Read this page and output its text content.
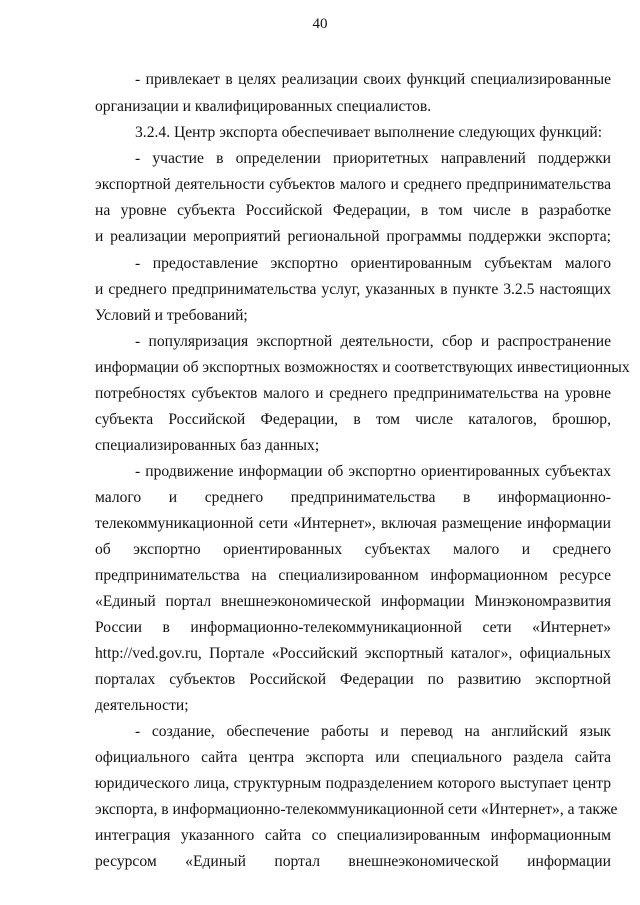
40
- привлекает в целях реализации своих функций специализированные
организации и квалифицированных специалистов.
3.2.4. Центр экспорта обеспечивает выполнение следующих функций:
- участие в определении приоритетных направлений поддержки
экспортной деятельности субъектов малого и среднего предпринимательства
на уровне субъекта Российской Федерации, в том числе в разработке
и реализации мероприятий региональной программы поддержки экспорта;
- предоставление экспортно ориентированным субъектам малого
и среднего предпринимательства услуг, указанных в пункте 3.2.5 настоящих
Условий и требований;
- популяризация экспортной деятельности, сбор и распространение
информации об экспортных возможностях и соответствующих инвестиционных
потребностях субъектов малого и среднего предпринимательства на уровне
субъекта Российской Федерации, в том числе каталогов, брошюр,
специализированных баз данных;
- продвижение информации об экспортно ориентированных субъектах
малого и среднего предпринимательства в информационно-
телекоммуникационной сети «Интернет», включая размещение информации
об экспортно ориентированных субъектах малого и среднего
предпринимательства на специализированном информационном ресурсе
«Единый портал внешнеэкономической информации Минэкономразвития
России в информационно-телекоммуникационной сети «Интернет»
http://ved.gov.ru, Портале «Российский экспортный каталог», официальных
порталах субъектов Российской Федерации по развитию экспортной
деятельности;
- создание, обеспечение работы и перевод на английский язык
официального сайта центра экспорта или специального раздела сайта
юридического лица, структурным подразделением которого выступает центр
экспорта, в информационно-телекоммуникационной сети «Интернет», а также
интеграция указанного сайта со специализированным информационным
ресурсом «Единый портал внешнеэкономической информации
